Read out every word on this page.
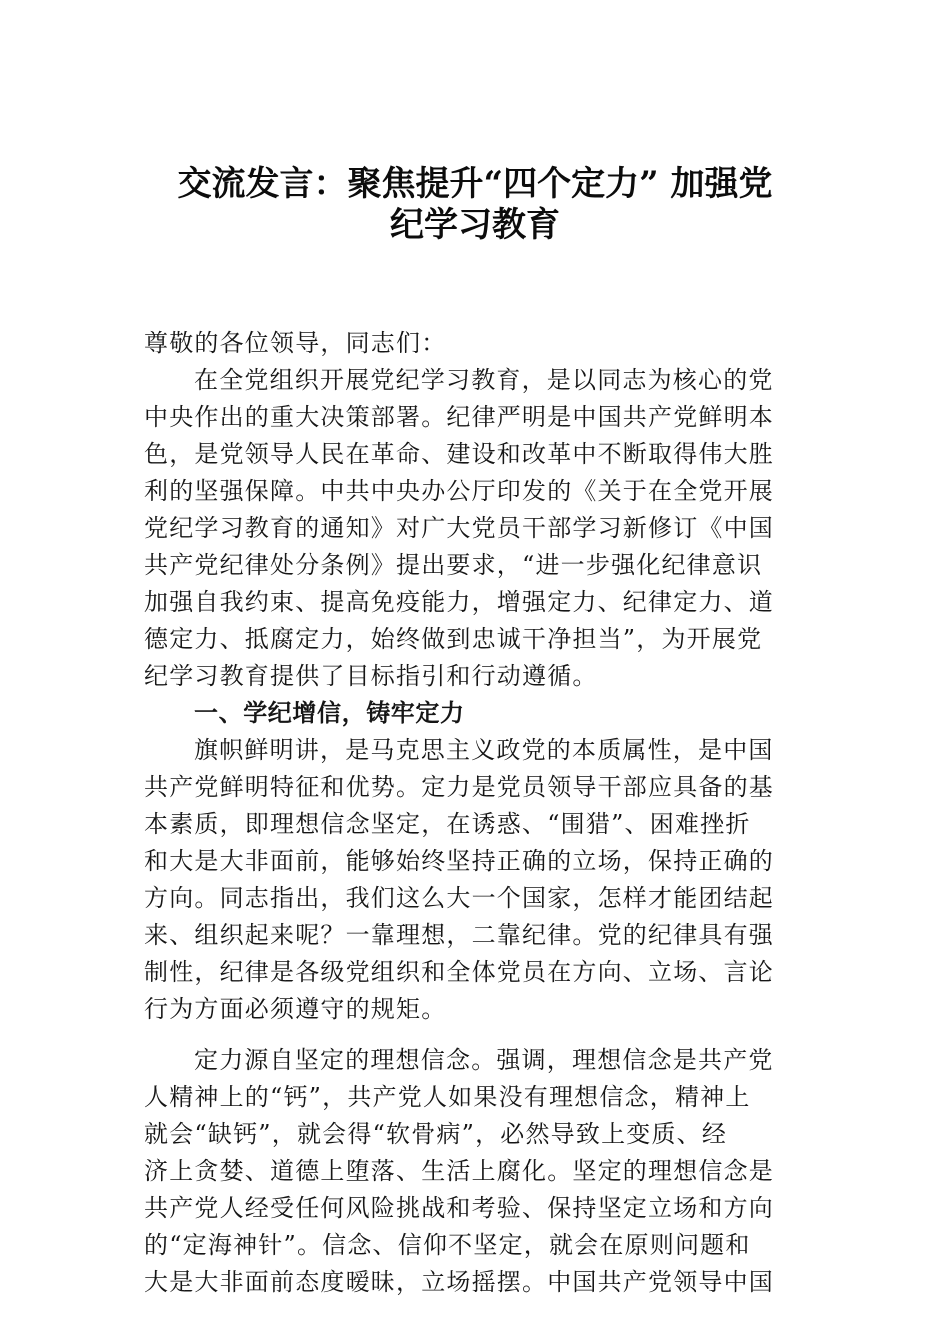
交流发言：聚焦提升“四个定力” 加强党
纪学习教育
尊敬的各位领导，同志们：
在全党组织开展党纪学习教育，是以同志为核心的党
中央作出的重大决策部署。纪律严明是中国共产党鲜明本
色，是党领导人民在革命、建设和改革中不断取得伟大胜
利的坚强保障。中共中央办公厅印发的《关于在全党开展
党纪学习教育的通知》对广大党员干部学习新修订《中国
共产党纪律处分条例》提出要求，“进一步强化纪律意识
加强自我约束、提高免疫能力，增强定力、纪律定力、道
德定力、抵腐定力，始终做到忠诚干净担当”，为开展党
纪学习教育提供了目标指引和行动遵循。
一、学纪增信，铸牢定力
旗帜鲜明讲，是马克思主义政党的本质属性，是中国
共产党鲜明特征和优势。定力是党员领导干部应具备的基
本素质，即理想信念坚定，在诱惑、“围猎”、困难挫折
和大是大非面前，能够始终坚持正确的立场，保持正确的
方向。同志指出，我们这么大一个国家，怎样才能团结起
来、组织起来呢？一靠理想，二靠纪律。党的纪律具有强
制性，纪律是各级党组织和全体党员在方向、立场、言论
行为方面必须遵守的规矩。
定力源自坚定的理想信念。强调，理想信念是共产党
人精神上的“钙”，共产党人如果没有理想信念，精神上
就会“缺钙”，就会得“软骨病”，必然导致上变质、经
济上贪婪、道德上堕落、生活上腐化。坚定的理想信念是
共产党人经受任何风险挑战和考验、保持坚定立场和方向
的“定海神针”。信念、信仰不坚定，就会在原则问题和
大是大非面前态度暧昧，立场摇摆。中国共产党领导中国
